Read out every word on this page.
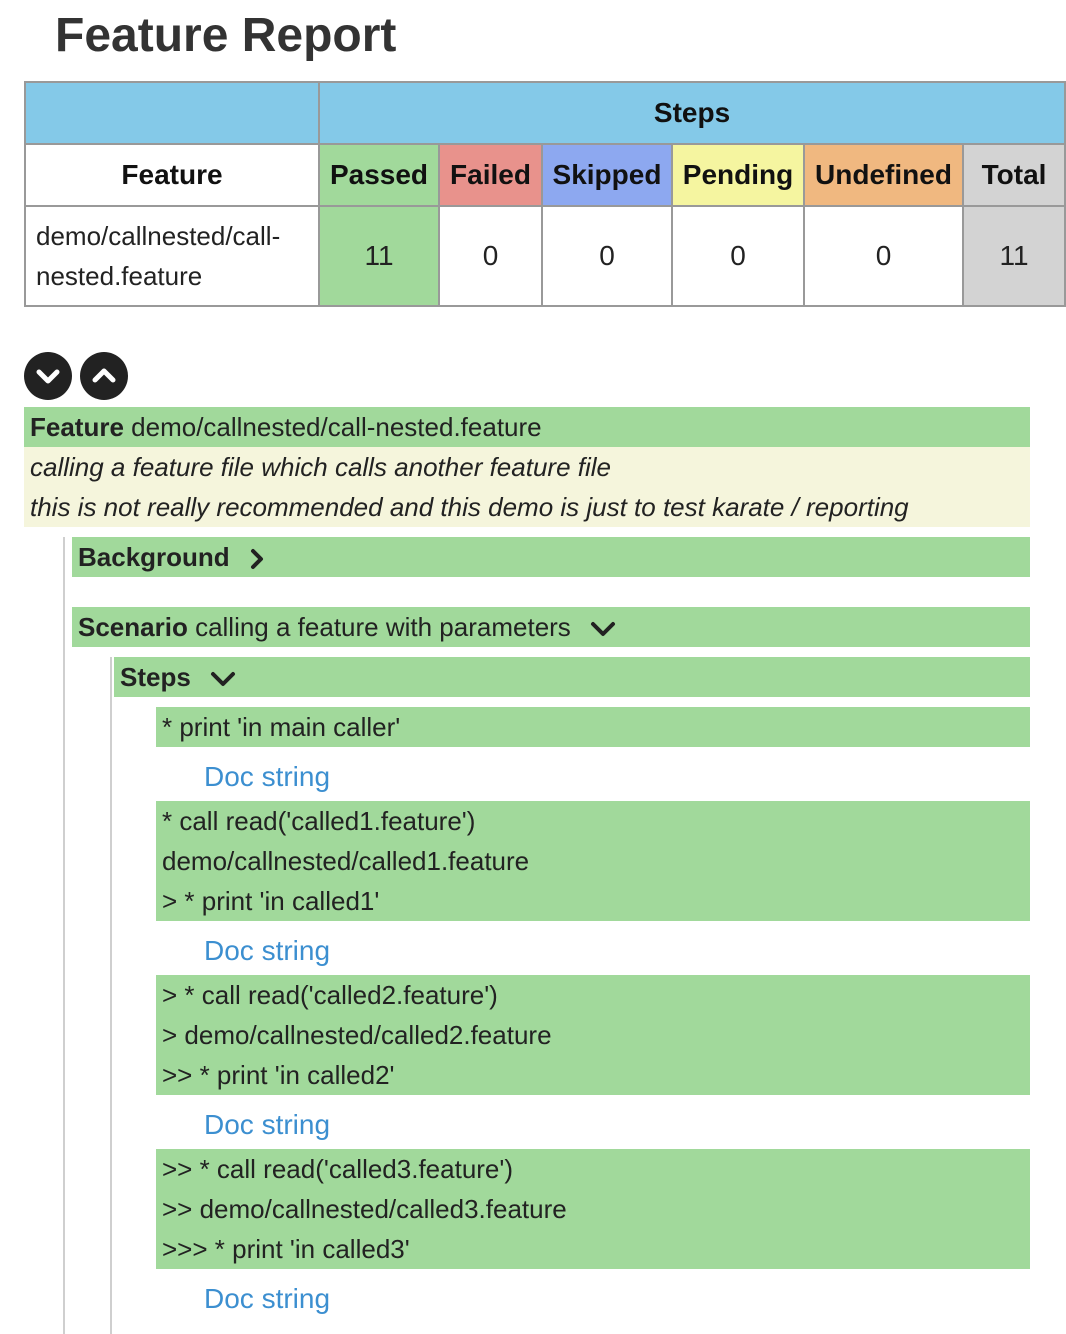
Feature Report
	Steps					
Feature	Passed	Failed	Skipped	Pending	Undefined	Total
demo/callnested/call-nested.feature	11	0	0	0	0	11
Feature demo/callnested/call-nested.feature
calling a feature file which calls another feature file
this is not really recommended and this demo is just to test karate / reporting
Background
Scenario calling a feature with parameters
Steps
* print 'in main caller'
Doc string
* call read('called1.feature')
demo/callnested/called1.feature
> * print 'in called1'
Doc string
> * call read('called2.feature')
> demo/callnested/called2.feature
>> * print 'in called2'
Doc string
>> * call read('called3.feature')
>> demo/callnested/called3.feature
>>> * print 'in called3'
Doc string
